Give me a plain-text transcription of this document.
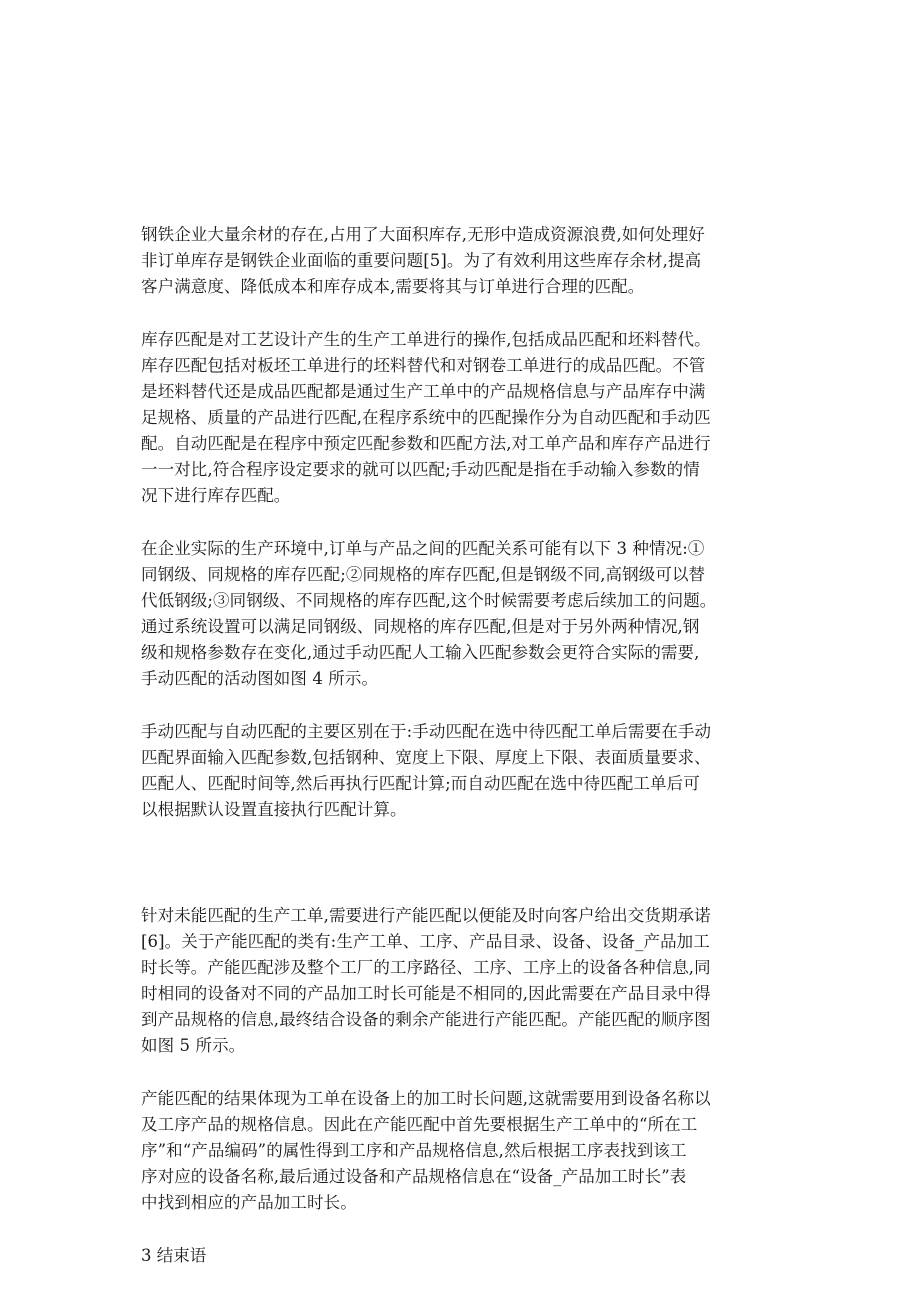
钢铁企业大量余材的存在,占用了大面积库存,无形中造成资源浪费,如何处理好
非订单库存是钢铁企业面临的重要问题[5]。为了有效利用这些库存余材,提高
客户满意度、降低成本和库存成本,需要将其与订单进行合理的匹配。

库存匹配是对工艺设计产生的生产工单进行的操作,包括成品匹配和坯料替代。
库存匹配包括对板坯工单进行的坯料替代和对钢卷工单进行的成品匹配。不管
是坯料替代还是成品匹配都是通过生产工单中的产品规格信息与产品库存中满
足规格、质量的产品进行匹配,在程序系统中的匹配操作分为自动匹配和手动匹
配。自动匹配是在程序中预定匹配参数和匹配方法,对工单产品和库存产品进行
一一对比,符合程序设定要求的就可以匹配;手动匹配是指在手动输入参数的情
况下进行库存匹配。

在企业实际的生产环境中,订单与产品之间的匹配关系可能有以下 3 种情况:①
同钢级、同规格的库存匹配;②同规格的库存匹配,但是钢级不同,高钢级可以替
代低钢级;③同钢级、不同规格的库存匹配,这个时候需要考虑后续加工的问题。
通过系统设置可以满足同钢级、同规格的库存匹配,但是对于另外两种情况,钢
级和规格参数存在变化,通过手动匹配人工输入匹配参数会更符合实际的需要,
手动匹配的活动图如图 4 所示。

手动匹配与自动匹配的主要区别在于:手动匹配在选中待匹配工单后需要在手动
匹配界面输入匹配参数,包括钢种、宽度上下限、厚度上下限、表面质量要求、
匹配人、匹配时间等,然后再执行匹配计算;而自动匹配在选中待匹配工单后可
以根据默认设置直接执行匹配计算。

针对未能匹配的生产工单,需要进行产能匹配以便能及时向客户给出交货期承诺
[6]。关于产能匹配的类有:生产工单、工序、产品目录、设备、设备_产品加工
时长等。产能匹配涉及整个工厂的工序路径、工序、工序上的设备各种信息,同
时相同的设备对不同的产品加工时长可能是不相同的,因此需要在产品目录中得
到产品规格的信息,最终结合设备的剩余产能进行产能匹配。产能匹配的顺序图
如图 5 所示。

产能匹配的结果体现为工单在设备上的加工时长问题,这就需要用到设备名称以
及工序产品的规格信息。因此在产能匹配中首先要根据生产工单中的“所在工
序”和“产品编码”的属性得到工序和产品规格信息,然后根据工序表找到该工
序对应的设备名称,最后通过设备和产品规格信息在“设备_产品加工时长”表
中找到相应的产品加工时长。

3 结束语
